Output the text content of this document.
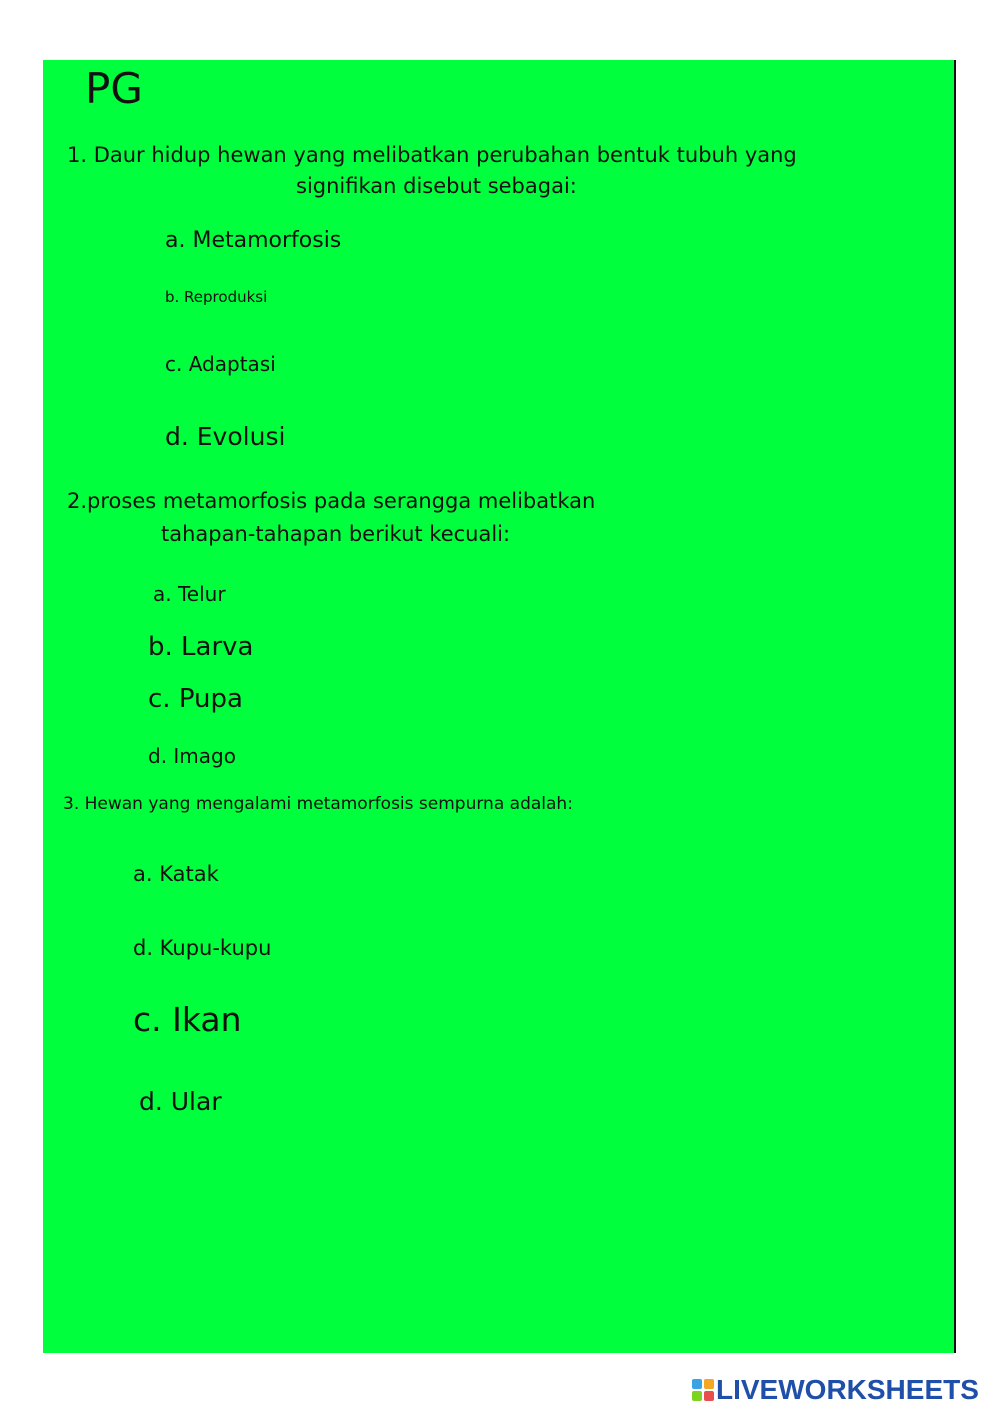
PG
1. Daur hidup hewan yang melibatkan perubahan bentuk tubuh yang
signifikan disebut sebagai:
a. Metamorfosis
b. Reproduksi
c. Adaptasi
d. Evolusi
2.proses metamorfosis pada serangga melibatkan
tahapan-tahapan berikut kecuali:
a. Telur
b. Larva
c. Pupa
d. Imago
3. Hewan yang mengalami metamorfosis sempurna adalah:
a. Katak
d. Kupu-kupu
c. Ikan
d. Ular
LIVEWORKSHEETS
